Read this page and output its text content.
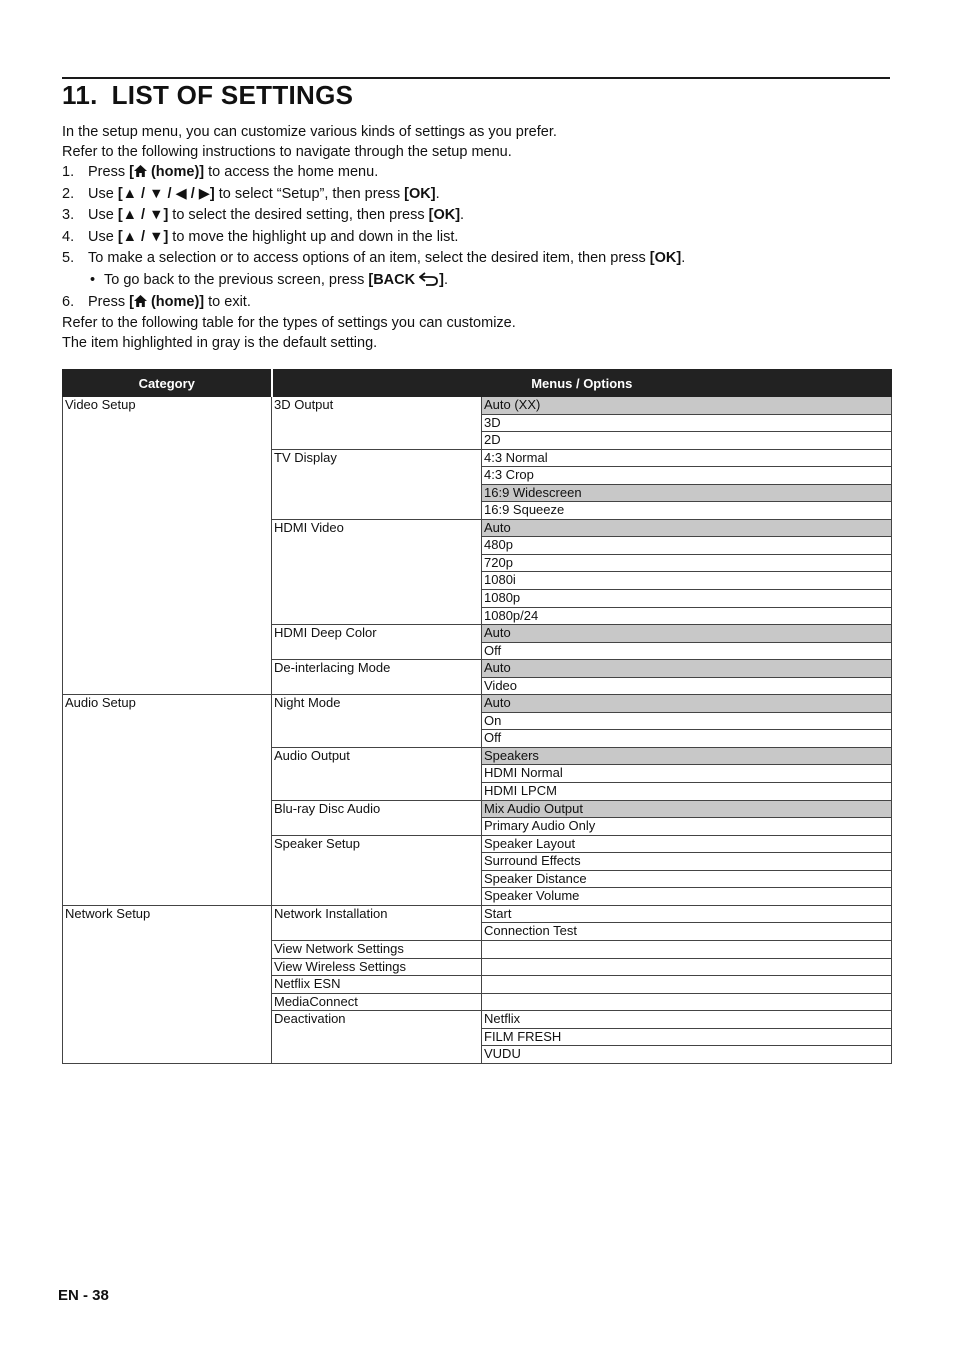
11. LIST OF SETTINGS
In the setup menu, you can customize various kinds of settings as you prefer.
Refer to the following instructions to navigate through the setup menu.
1. Press [ (home)] to access the home menu.
2. Use [▲ / ▼ / ◀ / ▶] to select “Setup”, then press [OK].
3. Use [▲ / ▼] to select the desired setting, then press [OK].
4. Use [▲ / ▼] to move the highlight up and down in the list.
5. To make a selection or to access options of an item, select the desired item, then press [OK].
• To go back to the previous screen, press [BACK ].
6. Press [ (home)] to exit.
Refer to the following table for the types of settings you can customize.
The item highlighted in gray is the default setting.
Category	Menus / Options	
Video Setup	3D Output	Auto (XX)
		3D
		2D
	TV Display	4:3 Normal
		4:3 Crop
		16:9 Widescreen
		16:9 Squeeze
	HDMI Video	Auto
		480p
		720p
		1080i
		1080p
		1080p/24
	HDMI Deep Color	Auto
		Off
	De-interlacing Mode	Auto
		Video
Audio Setup	Night Mode	Auto
		On
		Off
	Audio Output	Speakers
		HDMI Normal
		HDMI LPCM
	Blu-ray Disc Audio	Mix Audio Output
		Primary Audio Only
	Speaker Setup	Speaker Layout
		Surround Effects
		Speaker Distance
		Speaker Volume
Network Setup	Network Installation	Start
		Connection Test
	View Network Settings	
	View Wireless Settings	
	Netflix ESN	
	MediaConnect	
	Deactivation	Netflix
		FILM FRESH
		VUDU
EN - 38
